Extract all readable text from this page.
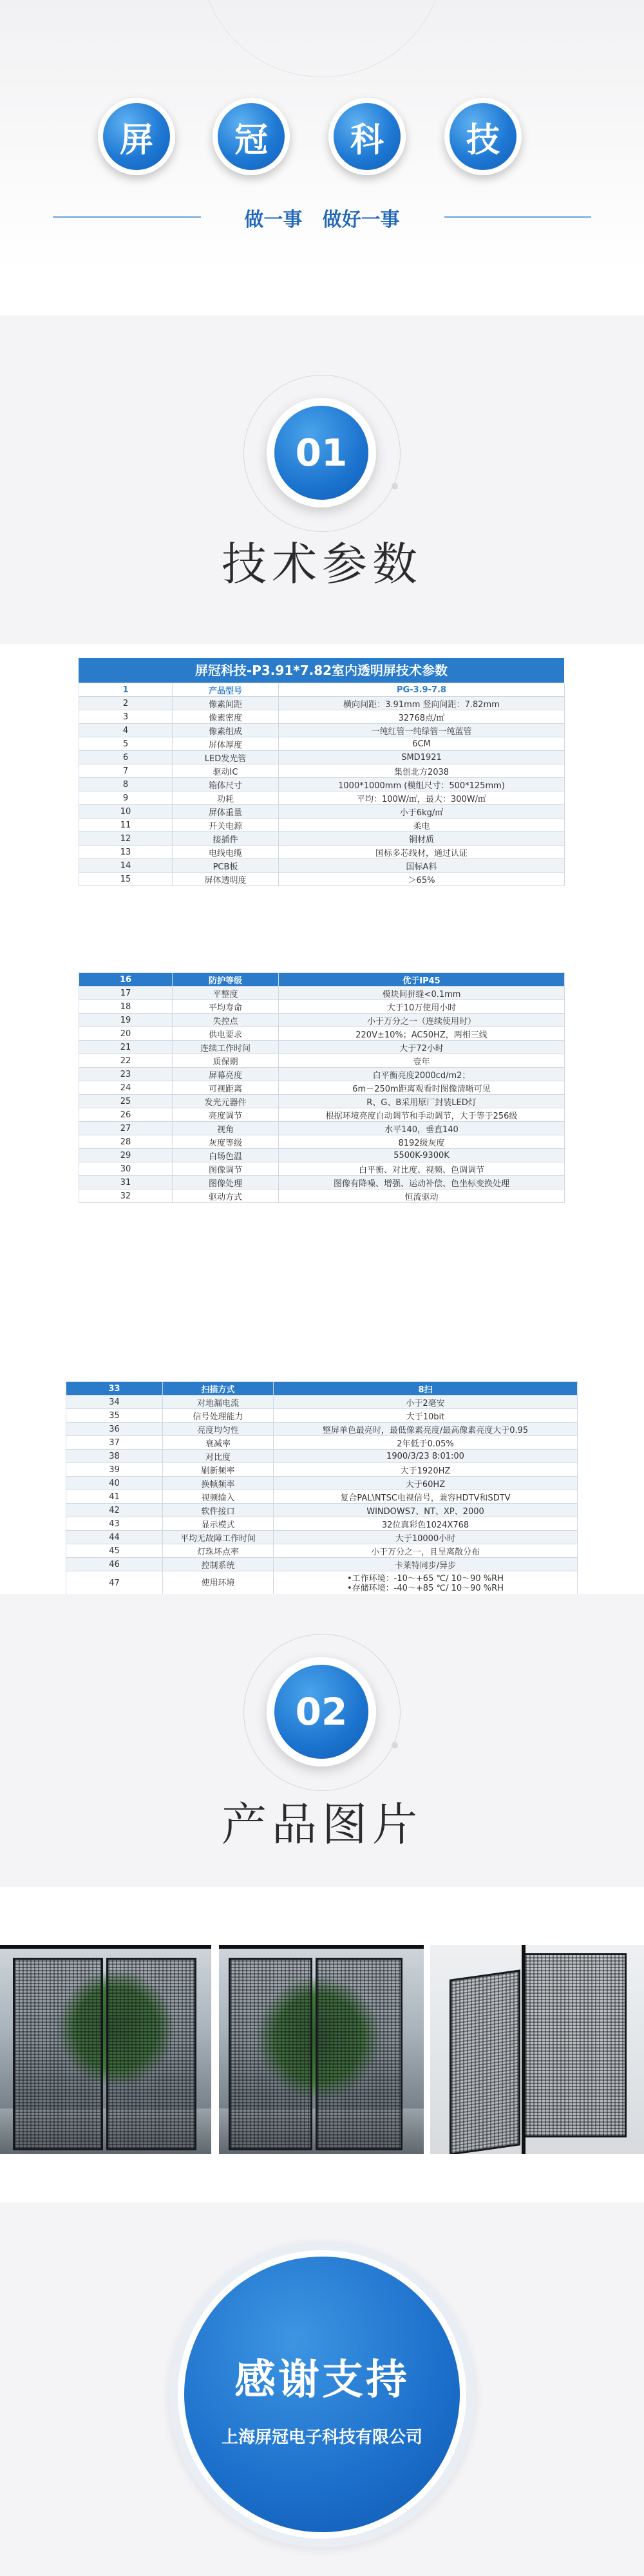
屏	冠	科	技
做一事   做好一事
01
技术参数
屏冠科技-P3.91*7.82室内透明屏技术参数
1	产品型号	PG-3.9-7.8
2	像素间距	横向间距：3.91mm 竖向间距：7.82mm
3	像素密度	32768点/㎡
4	像素组成	一纯红管一纯绿管一纯蓝管
5	屏体厚度	6CM
6	LED发光管	SMD1921
7	驱动IC	集创北方2038
8	箱体尺寸	1000*1000mm (模组尺寸：500*125mm)
9	功耗	平均：100W/㎡，最大：300W/㎡
10	屏体重量	小于6kg/㎡
11	开关电源	柔电
12	接插件	铜材质
13	电线电缆	国标多芯线材，通过认证
14	PCB板	国标A料
15	屏体透明度	＞65%
16	防护等级	优于IP45
17	平整度	模块间拼缝<0.1mm
18	平均寿命	大于10万使用小时
19	失控点	小于万分之一（连续使用时）
20	供电要求	220V±10%；AC50HZ，两相三线
21	连续工作时间	大于72小时
22	质保期	壹年
23	屏幕亮度	白平衡亮度2000cd/m2；
24	可视距离	6m－250m距离观看时图像清晰可见
25	发光元器件	R、G、B采用原厂封装LED灯
26	亮度调节	根据环境亮度自动调节和手动调节，大于等于256级
27	视角	水平140，垂直140
28	灰度等级	8192级灰度
29	白场色温	5500K-9300K
30	图像调节	白平衡、对比度、视频、色调调节
31	图像处理	图像有降噪、增强、运动补偿、色坐标变换处理
32	驱动方式	恒流驱动
33	扫描方式	8扫
34	对地漏电流	小于2毫安
35	信号处理能力	大于10bit
36	亮度均匀性	整屏单色最亮时，最低像素亮度/最高像素亮度大于0.95
37	衰减率	2年低于0.05%
38	对比度	1900/3/23 8:01:00
39	刷新频率	大于1920HZ
40	换帧频率	大于60HZ
41	视频输入	复合PAL\NTSC电视信号，兼容HDTV和SDTV
42	软件接口	WINDOWS7、NT、XP、2000
43	显示模式	32位真彩色1024X768
44	平均无故障工作时间	大于10000小时
45	灯珠坏点率	小于万分之一，且呈离散分布
46	控制系统	卡莱特同步/异步
47	使用环境	•工作环境：-10～+65 ℃/ 10～90 %RH
•存储环境：-40～+85 ℃/ 10～90 %RH

02
产品图片
感谢支持
上海屏冠电子科技有限公司
